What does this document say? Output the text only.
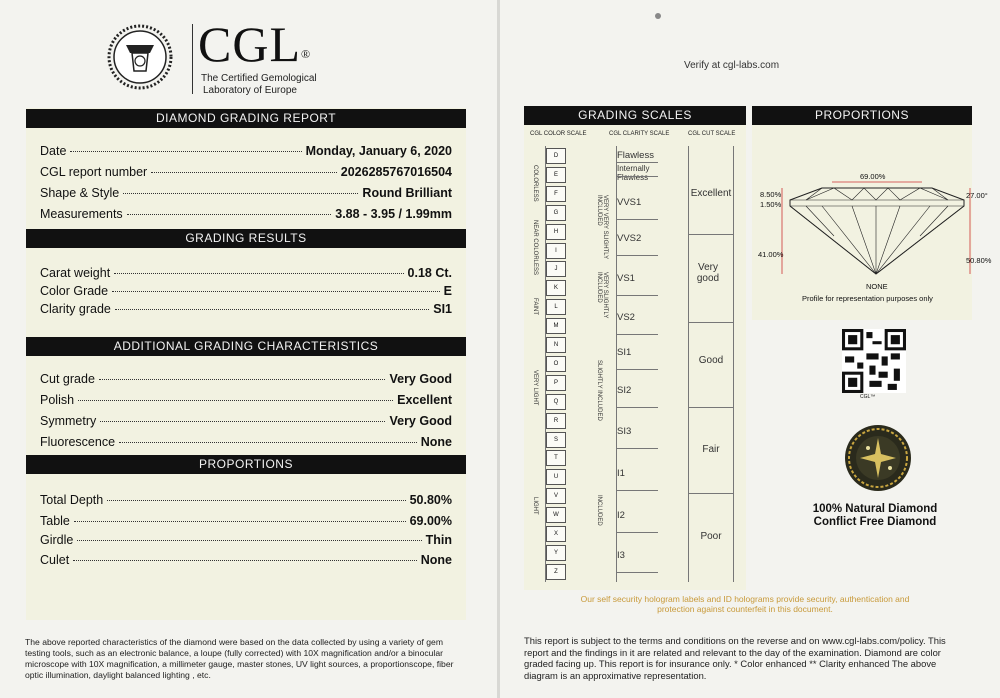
CGL®
The Certified Gemological
Laboratory of Europe
DIAMOND GRADING REPORT
Date	Monday, January 6, 2020
CGL report number	2026285767016504
Shape & Style	Round Brilliant
Measurements	3.88 - 3.95 / 1.99mm
GRADING RESULTS
Carat weight	0.18 Ct.
Color Grade	E
Clarity grade	SI1
ADDITIONAL GRADING CHARACTERISTICS
Cut grade	Very Good
Polish	Excellent
Symmetry	Very Good
Fluorescence	None
PROPORTIONS
Total Depth	50.80%
Table	69.00%
Girdle	Thin
Culet	None
The above reported characteristics of the diamond were based on the data collected by using a variety of gem testing tools, such as an electronic balance, a loupe (fully corrected) with 10X magnification and/or a binocular microscope with 10X magnification, a millimeter gauge, master stones, UV light sources, a proportionscope, fiber optic illumination, daylight balanced lighting , etc.
Verify at cgl-labs.com
GRADING SCALES
CGL COLOR SCALE	CGL CLARITY SCALE	CGL CUT SCALE
D
E
F
G
H
I
J
K
L
M
N
O
P
Q
R
S
T
U
V
W
X
Y
Z
COLORLESS
NEAR COLORLESS
FAINT
VERY LIGHT
LIGHT
Flawless
Internally Flawless
VVS1
VVS2
VS1
VS2
SI1
SI2
SI3
I1
I2
I3
VERY VERY SLIGHTLY INCLUDED
VERY SLIGHTLY INCLUDED
SLIGHTLY INCLUDED
INCLUDED
Excellent
Very good
Good
Fair
Poor
PROPORTIONS
69.00%
8.50%
1.50%
27.00°
41.00%
50.80%
NONE
Profile for representation purposes only
CGL™
100% Natural Diamond
Conflict Free Diamond
Our self security hologram labels and ID holograms provide security, authentication and protection against counterfeit in this document.
This report is subject to the terms and conditions on the reverse and on www.cgl-labs.com/policy. This report and the findings in it are related and relevant to the day of the examination. Diamond are color graded facing up. This report is for insurance only. * Color enhanced ** Clarity enhanced The above diagram is an approximative representation.
